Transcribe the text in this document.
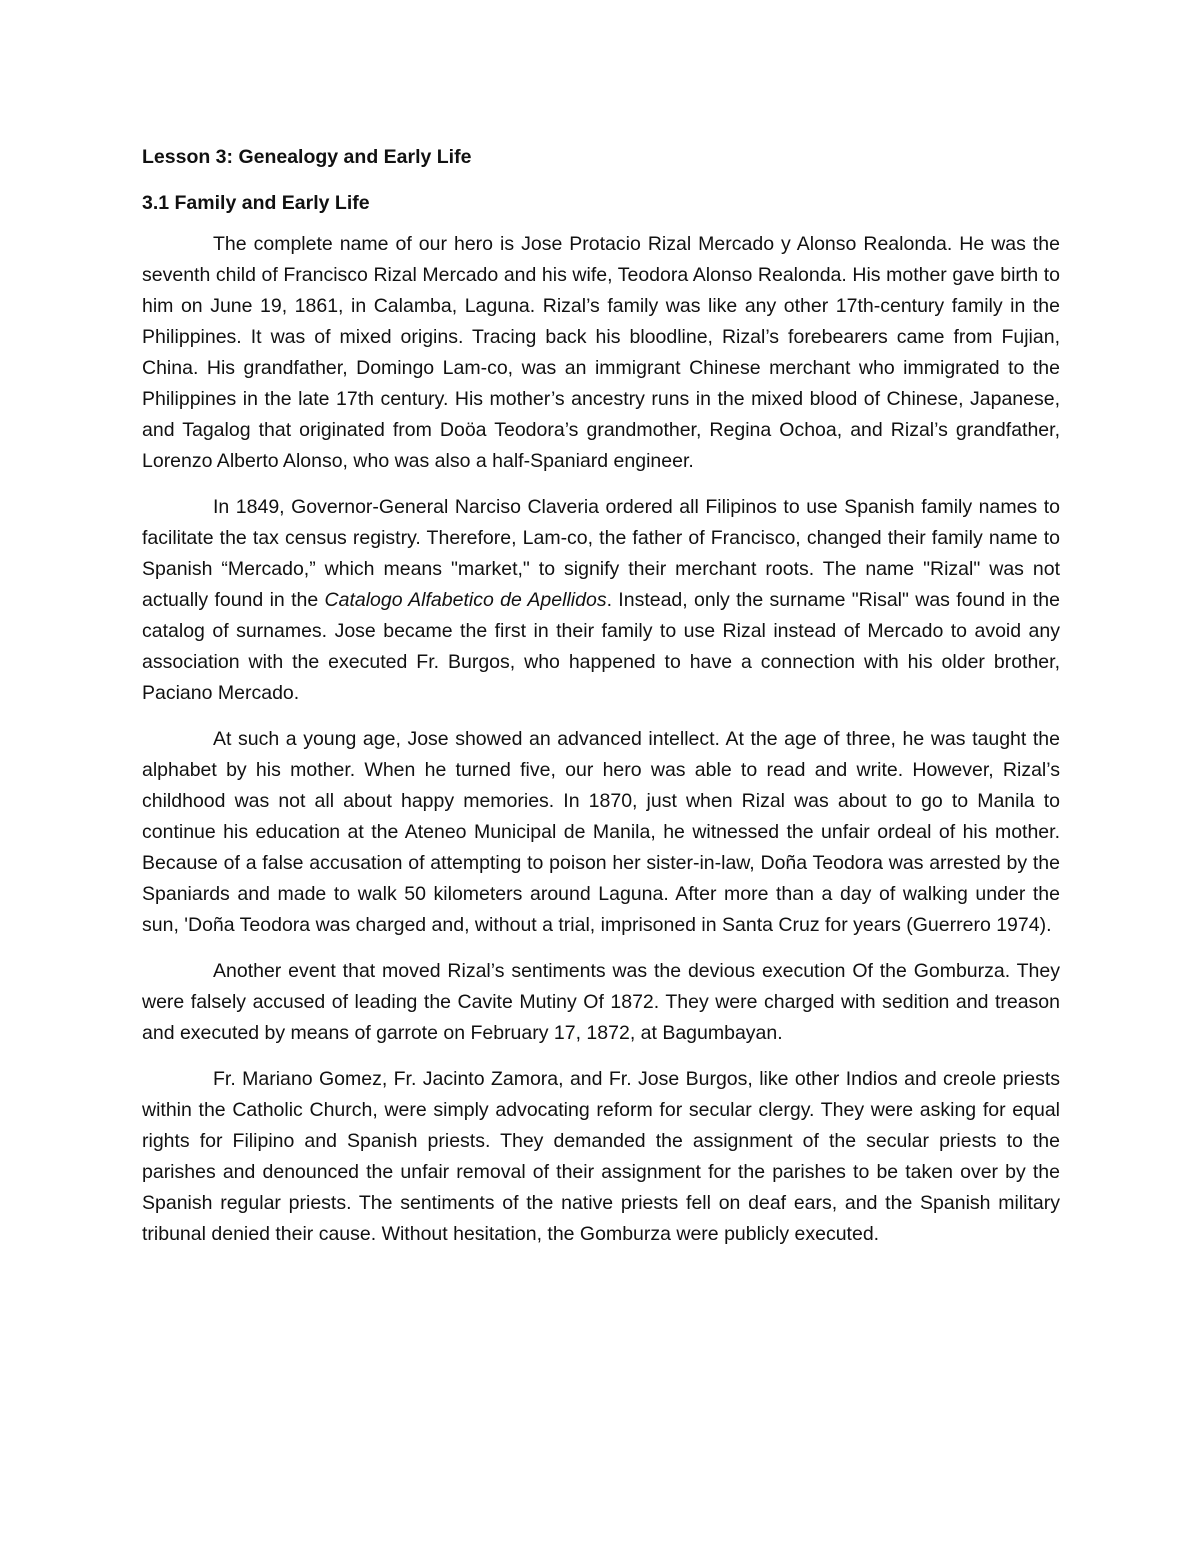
Lesson 3: Genealogy and Early Life
3.1 Family and Early Life

The complete name of our hero is Jose Protacio Rizal Mercado y Alonso Realonda. He was the seventh child of Francisco Rizal Mercado and his wife, Teodora Alonso Realonda. His mother gave birth to him on June 19, 1861, in Calamba, Laguna. Rizal’s family was like any other 17th-century family in the Philippines. It was of mixed origins. Tracing back his bloodline, Rizal’s forebearers came from Fujian, China. His grandfather, Domingo Lam-co, was an immigrant Chinese merchant who immigrated to the Philippines in the late 17th century. His mother’s ancestry runs in the mixed blood of Chinese, Japanese, and Tagalog that originated from Doöa Teodora’s grandmother, Regina Ochoa, and Rizal’s grandfather, Lorenzo Alberto Alonso, who was also a half-Spaniard engineer.

In 1849, Governor-General Narciso Claveria ordered all Filipinos to use Spanish family names to facilitate the tax census registry. Therefore, Lam-co, the father of Francisco, changed their family name to Spanish “Mercado,” which means "market," to signify their merchant roots. The name "Rizal" was not actually found in the Catalogo Alfabetico de Apellidos. Instead, only the surname "Risal" was found in the catalog of surnames. Jose became the first in their family to use Rizal instead of Mercado to avoid any association with the executed Fr. Burgos, who happened to have a connection with his older brother, Paciano Mercado.

At such a young age, Jose showed an advanced intellect. At the age of three, he was taught the alphabet by his mother. When he turned five, our hero was able to read and write. However, Rizal’s childhood was not all about happy memories. In 1870, just when Rizal was about to go to Manila to continue his education at the Ateneo Municipal de Manila, he witnessed the unfair ordeal of his mother. Because of a false accusation of attempting to poison her sister-in-law, Doña Teodora was arrested by the Spaniards and made to walk 50 kilometers around Laguna. After more than a day of walking under the sun, 'Doña Teodora was charged and, without a trial, imprisoned in Santa Cruz for years (Guerrero 1974).

Another event that moved Rizal’s sentiments was the devious execution Of the Gomburza. They were falsely accused of leading the Cavite Mutiny Of 1872. They were charged with sedition and treason and executed by means of garrote on February 17, 1872, at Bagumbayan.

Fr. Mariano Gomez, Fr. Jacinto Zamora, and Fr. Jose Burgos, like other Indios and creole priests within the Catholic Church, were simply advocating reform for secular clergy. They were asking for equal rights for Filipino and Spanish priests. They demanded the assignment of the secular priests to the parishes and denounced the unfair removal of their assignment for the parishes to be taken over by the Spanish regular priests. The sentiments of the native priests fell on deaf ears, and the Spanish military tribunal denied their cause. Without hesitation, the Gomburza were publicly executed.
